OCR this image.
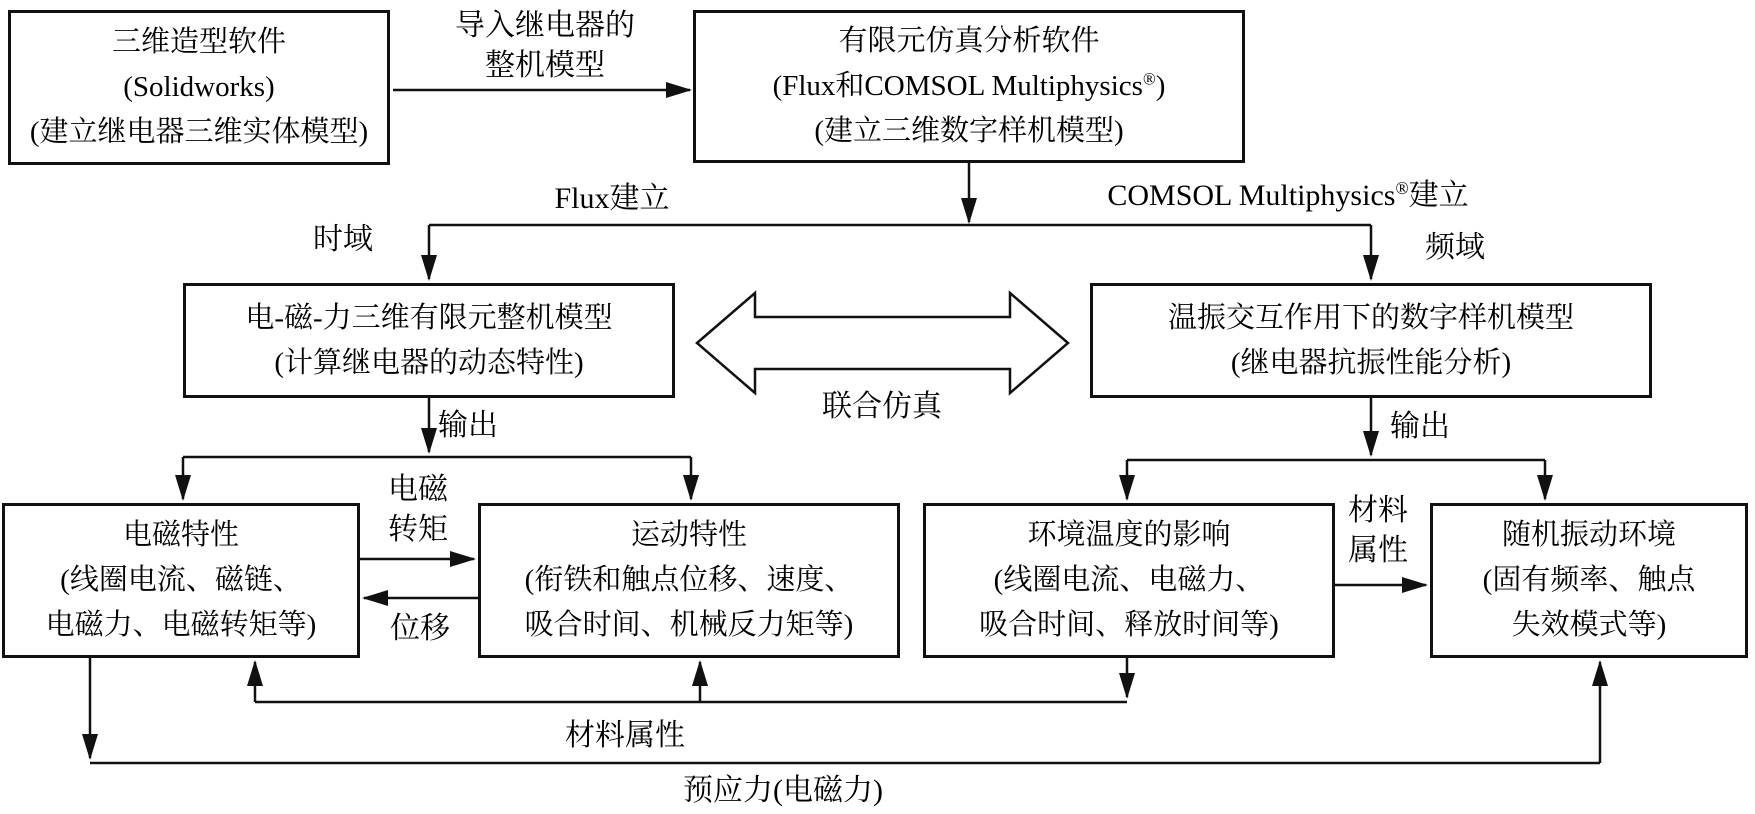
三维造型软件
(Solidworks)
(建立继电器三维实体模型)
有限元仿真分析软件
(Flux和COMSOL Multiphysics®)
(建立三维数字样机模型)
电-磁-力三维有限元整机模型
(计算继电器的动态特性)
温振交互作用下的数字样机模型
(继电器抗振性能分析)
电磁特性
(线圈电流、磁链、
电磁力、电磁转矩等)
运动特性
(衔铁和触点位移、速度、
吸合时间、机械反力矩等)
环境温度的影响
(线圈电流、电磁力、
吸合时间、释放时间等)
随机振动环境
(固有频率、触点
失效模式等)
导入继电器的
整机模型
Flux建立	COMSOL Multiphysics®建立
时域	频域
联合仿真
输出	输出
电磁
转矩
位移
材料
属性
材料属性
预应力(电磁力)
